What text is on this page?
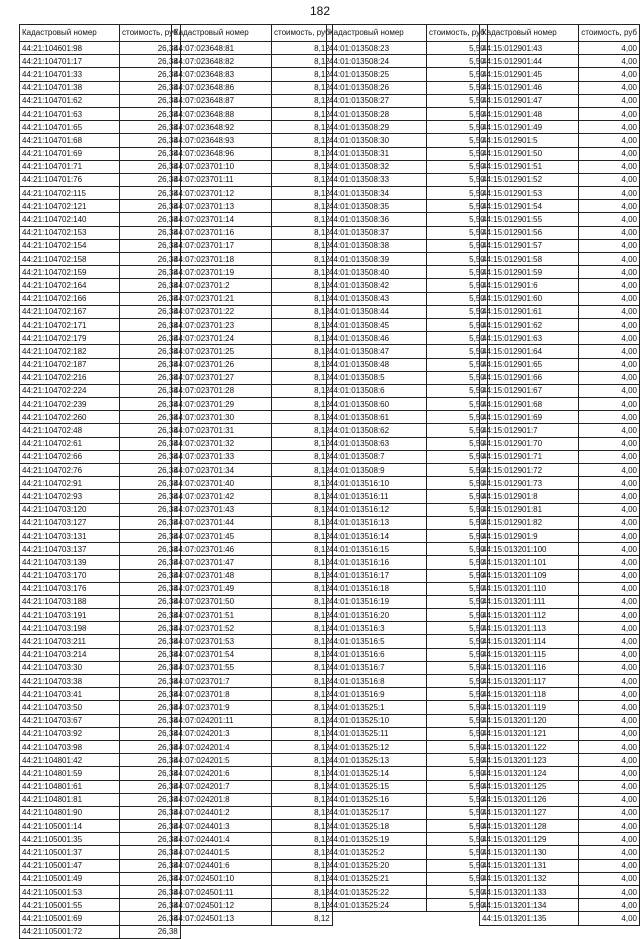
182
Кадастровый номер	стоимость, руб
44:21:104601:98	26,38
44:21:104701:17	26,38
44:21:104701:33	26,38
44:21:104701:38	26,38
44:21:104701:62	26,38
44:21:104701:63	26,38
44:21:104701:65	26,38
44:21:104701:68	26,38
44:21:104701:69	26,38
44:21:104701:71	26,38
44:21:104701:76	26,38
44:21:104702:115	26,38
44:21:104702:121	26,38
44:21:104702:140	26,38
44:21:104702:153	26,38
44:21:104702:154	26,38
44:21:104702:158	26,38
44:21:104702:159	26,38
44:21:104702:164	26,38
44:21:104702:166	26,38
44:21:104702:167	26,38
44:21:104702:171	26,38
44:21:104702:179	26,38
44:21:104702:182	26,38
44:21:104702:187	26,38
44:21:104702:216	26,38
44:21:104702:224	26,38
44:21:104702:239	26,38
44:21:104702:260	26,38
44:21:104702:48	26,38
44:21:104702:61	26,38
44:21:104702:66	26,38
44:21:104702:76	26,38
44:21:104702:91	26,38
44:21:104702:93	26,38
44:21:104703:120	26,38
44:21:104703:127	26,38
44:21:104703:131	26,38
44:21:104703:137	26,38
44:21:104703:139	26,38
44:21:104703:170	26,38
44:21:104703:176	26,38
44:21:104703:188	26,38
44:21:104703:191	26,38
44:21:104703:198	26,38
44:21:104703:211	26,38
44:21:104703:214	26,38
44:21:104703:30	26,38
44:21:104703:38	26,38
44:21:104703:41	26,38
44:21:104703:50	26,38
44:21:104703:67	26,38
44:21:104703:92	26,38
44:21:104703:98	26,38
44:21:104801:42	26,38
44:21:104801:59	26,38
44:21:104801:61	26,38
44:21:104801:81	26,38
44:21:104801:90	26,38
44:21:105001:14	26,38
44:21:105001:35	26,38
44:21:105001:37	26,38
44:21:105001:47	26,38
44:21:105001:49	26,38
44:21:105001:53	26,38
44:21:105001:55	26,38
44:21:105001:69	26,38
44:21:105001:72	26,38
Кадастровый номер	стоимость, руб
44:07:023648:81	8,12
44:07:023648:82	8,12
44:07:023648:83	8,12
44:07:023648:86	8,12
44:07:023648:87	8,12
44:07:023648:88	8,12
44:07:023648:92	8,12
44:07:023648:93	8,12
44:07:023648:96	8,12
44:07:023701:10	8,12
44:07:023701:11	8,12
44:07:023701:12	8,12
44:07:023701:13	8,12
44:07:023701:14	8,12
44:07:023701:16	8,12
44:07:023701:17	8,12
44:07:023701:18	8,12
44:07:023701:19	8,12
44:07:023701:2	8,12
44:07:023701:21	8,12
44:07:023701:22	8,12
44:07:023701:23	8,12
44:07:023701:24	8,12
44:07:023701:25	8,12
44:07:023701:26	8,12
44:07:023701:27	8,12
44:07:023701:28	8,12
44:07:023701:29	8,12
44:07:023701:30	8,12
44:07:023701:31	8,12
44:07:023701:32	8,12
44:07:023701:33	8,12
44:07:023701:34	8,12
44:07:023701:40	8,12
44:07:023701:42	8,12
44:07:023701:43	8,12
44:07:023701:44	8,12
44:07:023701:45	8,12
44:07:023701:46	8,12
44:07:023701:47	8,12
44:07:023701:48	8,12
44:07:023701:49	8,12
44:07:023701:50	8,12
44:07:023701:51	8,12
44:07:023701:52	8,12
44:07:023701:53	8,12
44:07:023701:54	8,12
44:07:023701:55	8,12
44:07:023701:7	8,12
44:07:023701:8	8,12
44:07:023701:9	8,12
44:07:024201:11	8,12
44:07:024201:3	8,12
44:07:024201:4	8,12
44:07:024201:5	8,12
44:07:024201:6	8,12
44:07:024201:7	8,12
44:07:024201:8	8,12
44:07:024401:2	8,12
44:07:024401:3	8,12
44:07:024401:4	8,12
44:07:024401:5	8,12
44:07:024401:6	8,12
44:07:024501:10	8,12
44:07:024501:11	8,12
44:07:024501:12	8,12
44:07:024501:13	8,12
Кадастровый номер	стоимость, руб
44:01:013508:23	5,50
44:01:013508:24	5,50
44:01:013508:25	5,50
44:01:013508:26	5,50
44:01:013508:27	5,50
44:01:013508:28	5,50
44:01:013508:29	5,50
44:01:013508:30	5,50
44:01:013508:31	5,50
44:01:013508:32	5,50
44:01:013508:33	5,50
44:01:013508:34	5,50
44:01:013508:35	5,50
44:01:013508:36	5,50
44:01:013508:37	5,50
44:01:013508:38	5,50
44:01:013508:39	5,50
44:01:013508:40	5,50
44:01:013508:42	5,50
44:01:013508:43	5,50
44:01:013508:44	5,50
44:01:013508:45	5,50
44:01:013508:46	5,50
44:01:013508:47	5,50
44:01:013508:48	5,50
44:01:013508:5	5,50
44:01:013508:6	5,50
44:01:013508:60	5,50
44:01:013508:61	5,50
44:01:013508:62	5,50
44:01:013508:63	5,50
44:01:013508:7	5,50
44:01:013508:9	5,50
44:01:013516:10	5,50
44:01:013516:11	5,50
44:01:013516:12	5,50
44:01:013516:13	5,50
44:01:013516:14	5,50
44:01:013516:15	5,50
44:01:013516:16	5,50
44:01:013516:17	5,50
44:01:013516:18	5,50
44:01:013516:19	5,50
44:01:013516:20	5,50
44:01:013516:3	5,50
44:01:013516:5	5,50
44:01:013516:6	5,50
44:01:013516:7	5,50
44:01:013516:8	5,50
44:01:013516:9	5,50
44:01:013525:1	5,50
44:01:013525:10	5,50
44:01:013525:11	5,50
44:01:013525:12	5,50
44:01:013525:13	5,50
44:01:013525:14	5,50
44:01:013525:15	5,50
44:01:013525:16	5,50
44:01:013525:17	5,50
44:01:013525:18	5,50
44:01:013525:19	5,50
44:01:013525:2	5,50
44:01:013525:20	5,50
44:01:013525:21	5,50
44:01:013525:22	5,50
44:01:013525:24	5,50
Кадастровый номер	стоимость, руб
44:15:012901:43	4,00
44:15:012901:44	4,00
44:15:012901:45	4,00
44:15:012901:46	4,00
44:15:012901:47	4,00
44:15:012901:48	4,00
44:15:012901:49	4,00
44:15:012901:5	4,00
44:15:012901:50	4,00
44:15:012901:51	4,00
44:15:012901:52	4,00
44:15:012901:53	4,00
44:15:012901:54	4,00
44:15:012901:55	4,00
44:15:012901:56	4,00
44:15:012901:57	4,00
44:15:012901:58	4,00
44:15:012901:59	4,00
44:15:012901:6	4,00
44:15:012901:60	4,00
44:15:012901:61	4,00
44:15:012901:62	4,00
44:15:012901:63	4,00
44:15:012901:64	4,00
44:15:012901:65	4,00
44:15:012901:66	4,00
44:15:012901:67	4,00
44:15:012901:68	4,00
44:15:012901:69	4,00
44:15:012901:7	4,00
44:15:012901:70	4,00
44:15:012901:71	4,00
44:15:012901:72	4,00
44:15:012901:73	4,00
44:15:012901:8	4,00
44:15:012901:81	4,00
44:15:012901:82	4,00
44:15:012901:9	4,00
44:15:013201:100	4,00
44:15:013201:101	4,00
44:15:013201:109	4,00
44:15:013201:110	4,00
44:15:013201:111	4,00
44:15:013201:112	4,00
44:15:013201:113	4,00
44:15:013201:114	4,00
44:15:013201:115	4,00
44:15:013201:116	4,00
44:15:013201:117	4,00
44:15:013201:118	4,00
44:15:013201:119	4,00
44:15:013201:120	4,00
44:15:013201:121	4,00
44:15:013201:122	4,00
44:15:013201:123	4,00
44:15:013201:124	4,00
44:15:013201:125	4,00
44:15:013201:126	4,00
44:15:013201:127	4,00
44:15:013201:128	4,00
44:15:013201:129	4,00
44:15:013201:130	4,00
44:15:013201:131	4,00
44:15:013201:132	4,00
44:15:013201:133	4,00
44:15:013201:134	4,00
44:15:013201:135	4,00
